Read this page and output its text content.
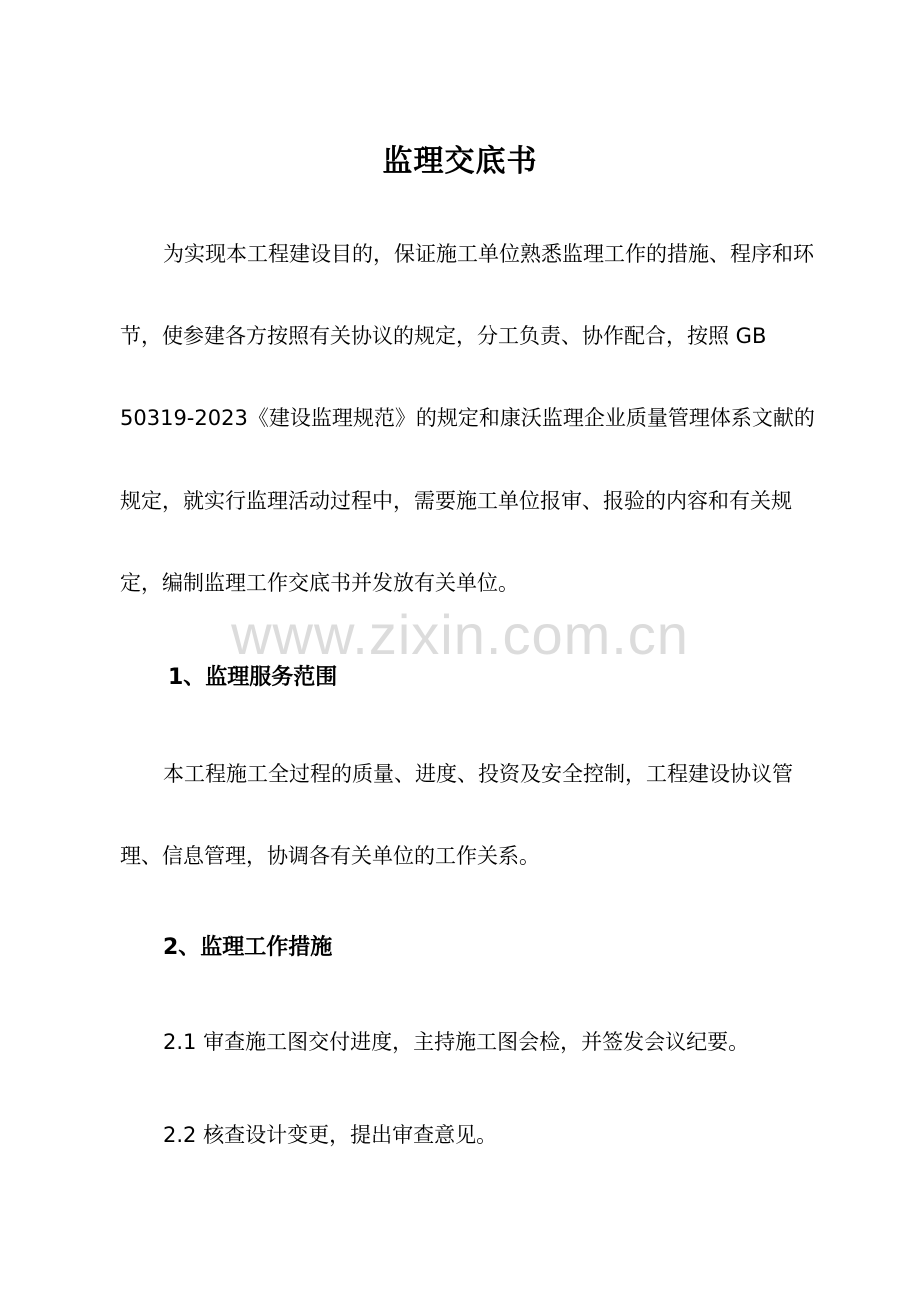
www.zixin.com.cn
监理交底书
为实现本工程建设目的，保证施工单位熟悉监理工作的措施、程序和环
节，使参建各方按照有关协议的规定，分工负责、协作配合，按照 GB
50319-2023《建设监理规范》的规定和康沃监理企业质量管理体系文献的
规定，就实行监理活动过程中，需要施工单位报审、报验的内容和有关规
定，编制监理工作交底书并发放有关单位。
1、监理服务范围
本工程施工全过程的质量、进度、投资及安全控制，工程建设协议管
理、信息管理，协调各有关单位的工作关系。
2、监理工作措施
2.1 审查施工图交付进度，主持施工图会检，并签发会议纪要。
2.2 核查设计变更，提出审查意见。
